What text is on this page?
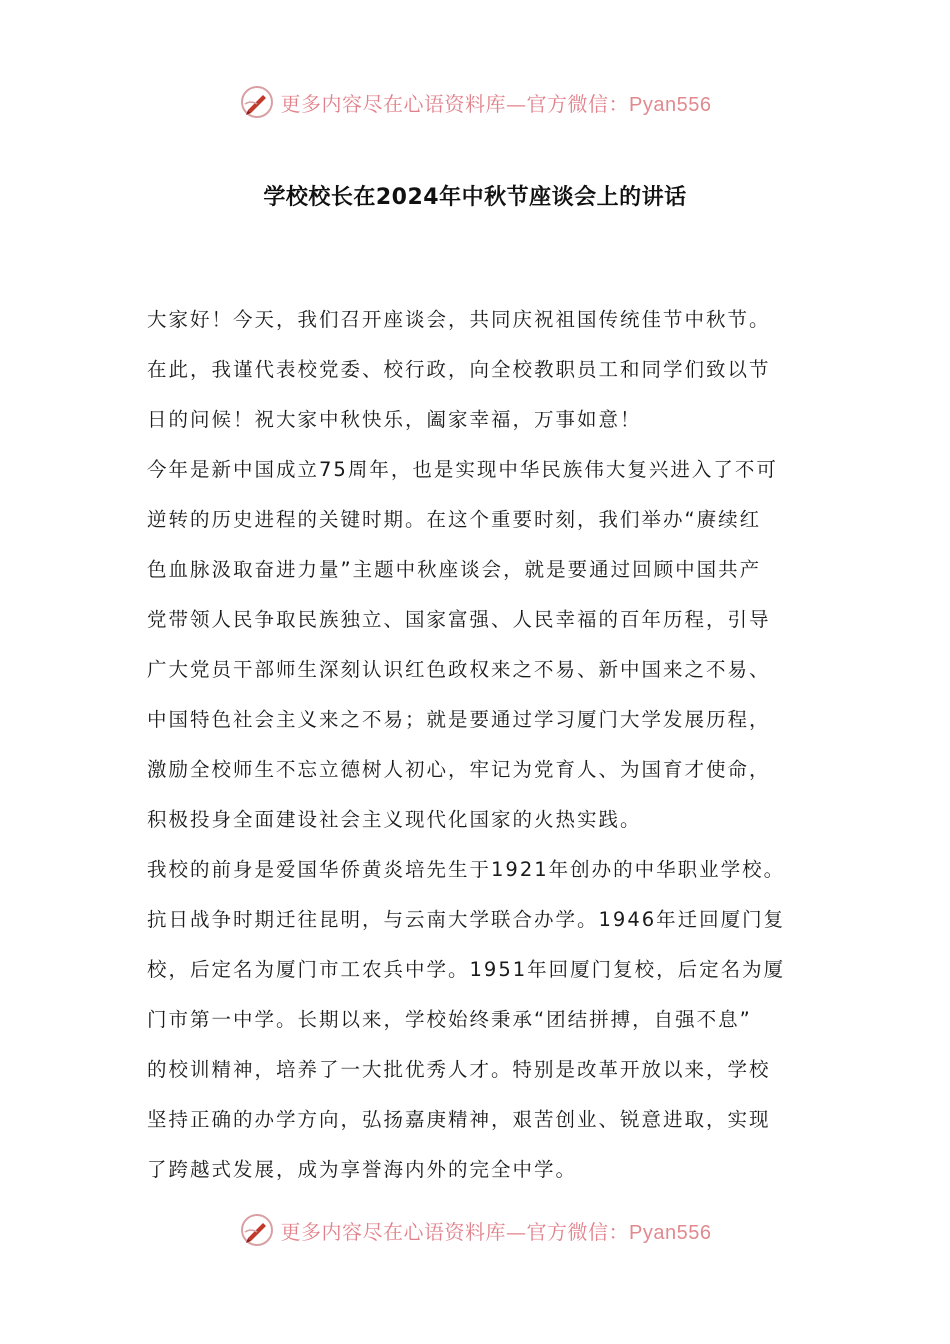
更多内容尽在心语资料库—官方微信：Pyan556
学校校长在2024年中秋节座谈会上的讲话

大家好！今天，我们召开座谈会，共同庆祝祖国传统佳节中秋节。
在此，我谨代表校党委、校行政，向全校教职员工和同学们致以节
日的问候！祝大家中秋快乐，阖家幸福，万事如意！

今年是新中国成立75周年，也是实现中华民族伟大复兴进入了不可
逆转的历史进程的关键时期。在这个重要时刻，我们举办“赓续红
色血脉汲取奋进力量”主题中秋座谈会，就是要通过回顾中国共产
党带领人民争取民族独立、国家富强、人民幸福的百年历程，引导
广大党员干部师生深刻认识红色政权来之不易、新中国来之不易、
中国特色社会主义来之不易；就是要通过学习厦门大学发展历程，
激励全校师生不忘立德树人初心，牢记为党育人、为国育才使命，
积极投身全面建设社会主义现代化国家的火热实践。

我校的前身是爱国华侨黄炎培先生于1921年创办的中华职业学校。
抗日战争时期迁往昆明，与云南大学联合办学。1946年迁回厦门复
校，后定名为厦门市工农兵中学。1951年回厦门复校，后定名为厦
门市第一中学。长期以来，学校始终秉承“团结拼搏，自强不息”
的校训精神，培养了一大批优秀人才。特别是改革开放以来，学校
坚持正确的办学方向，弘扬嘉庚精神，艰苦创业、锐意进取，实现
了跨越式发展，成为享誉海内外的完全中学。

更多内容尽在心语资料库—官方微信：Pyan556
